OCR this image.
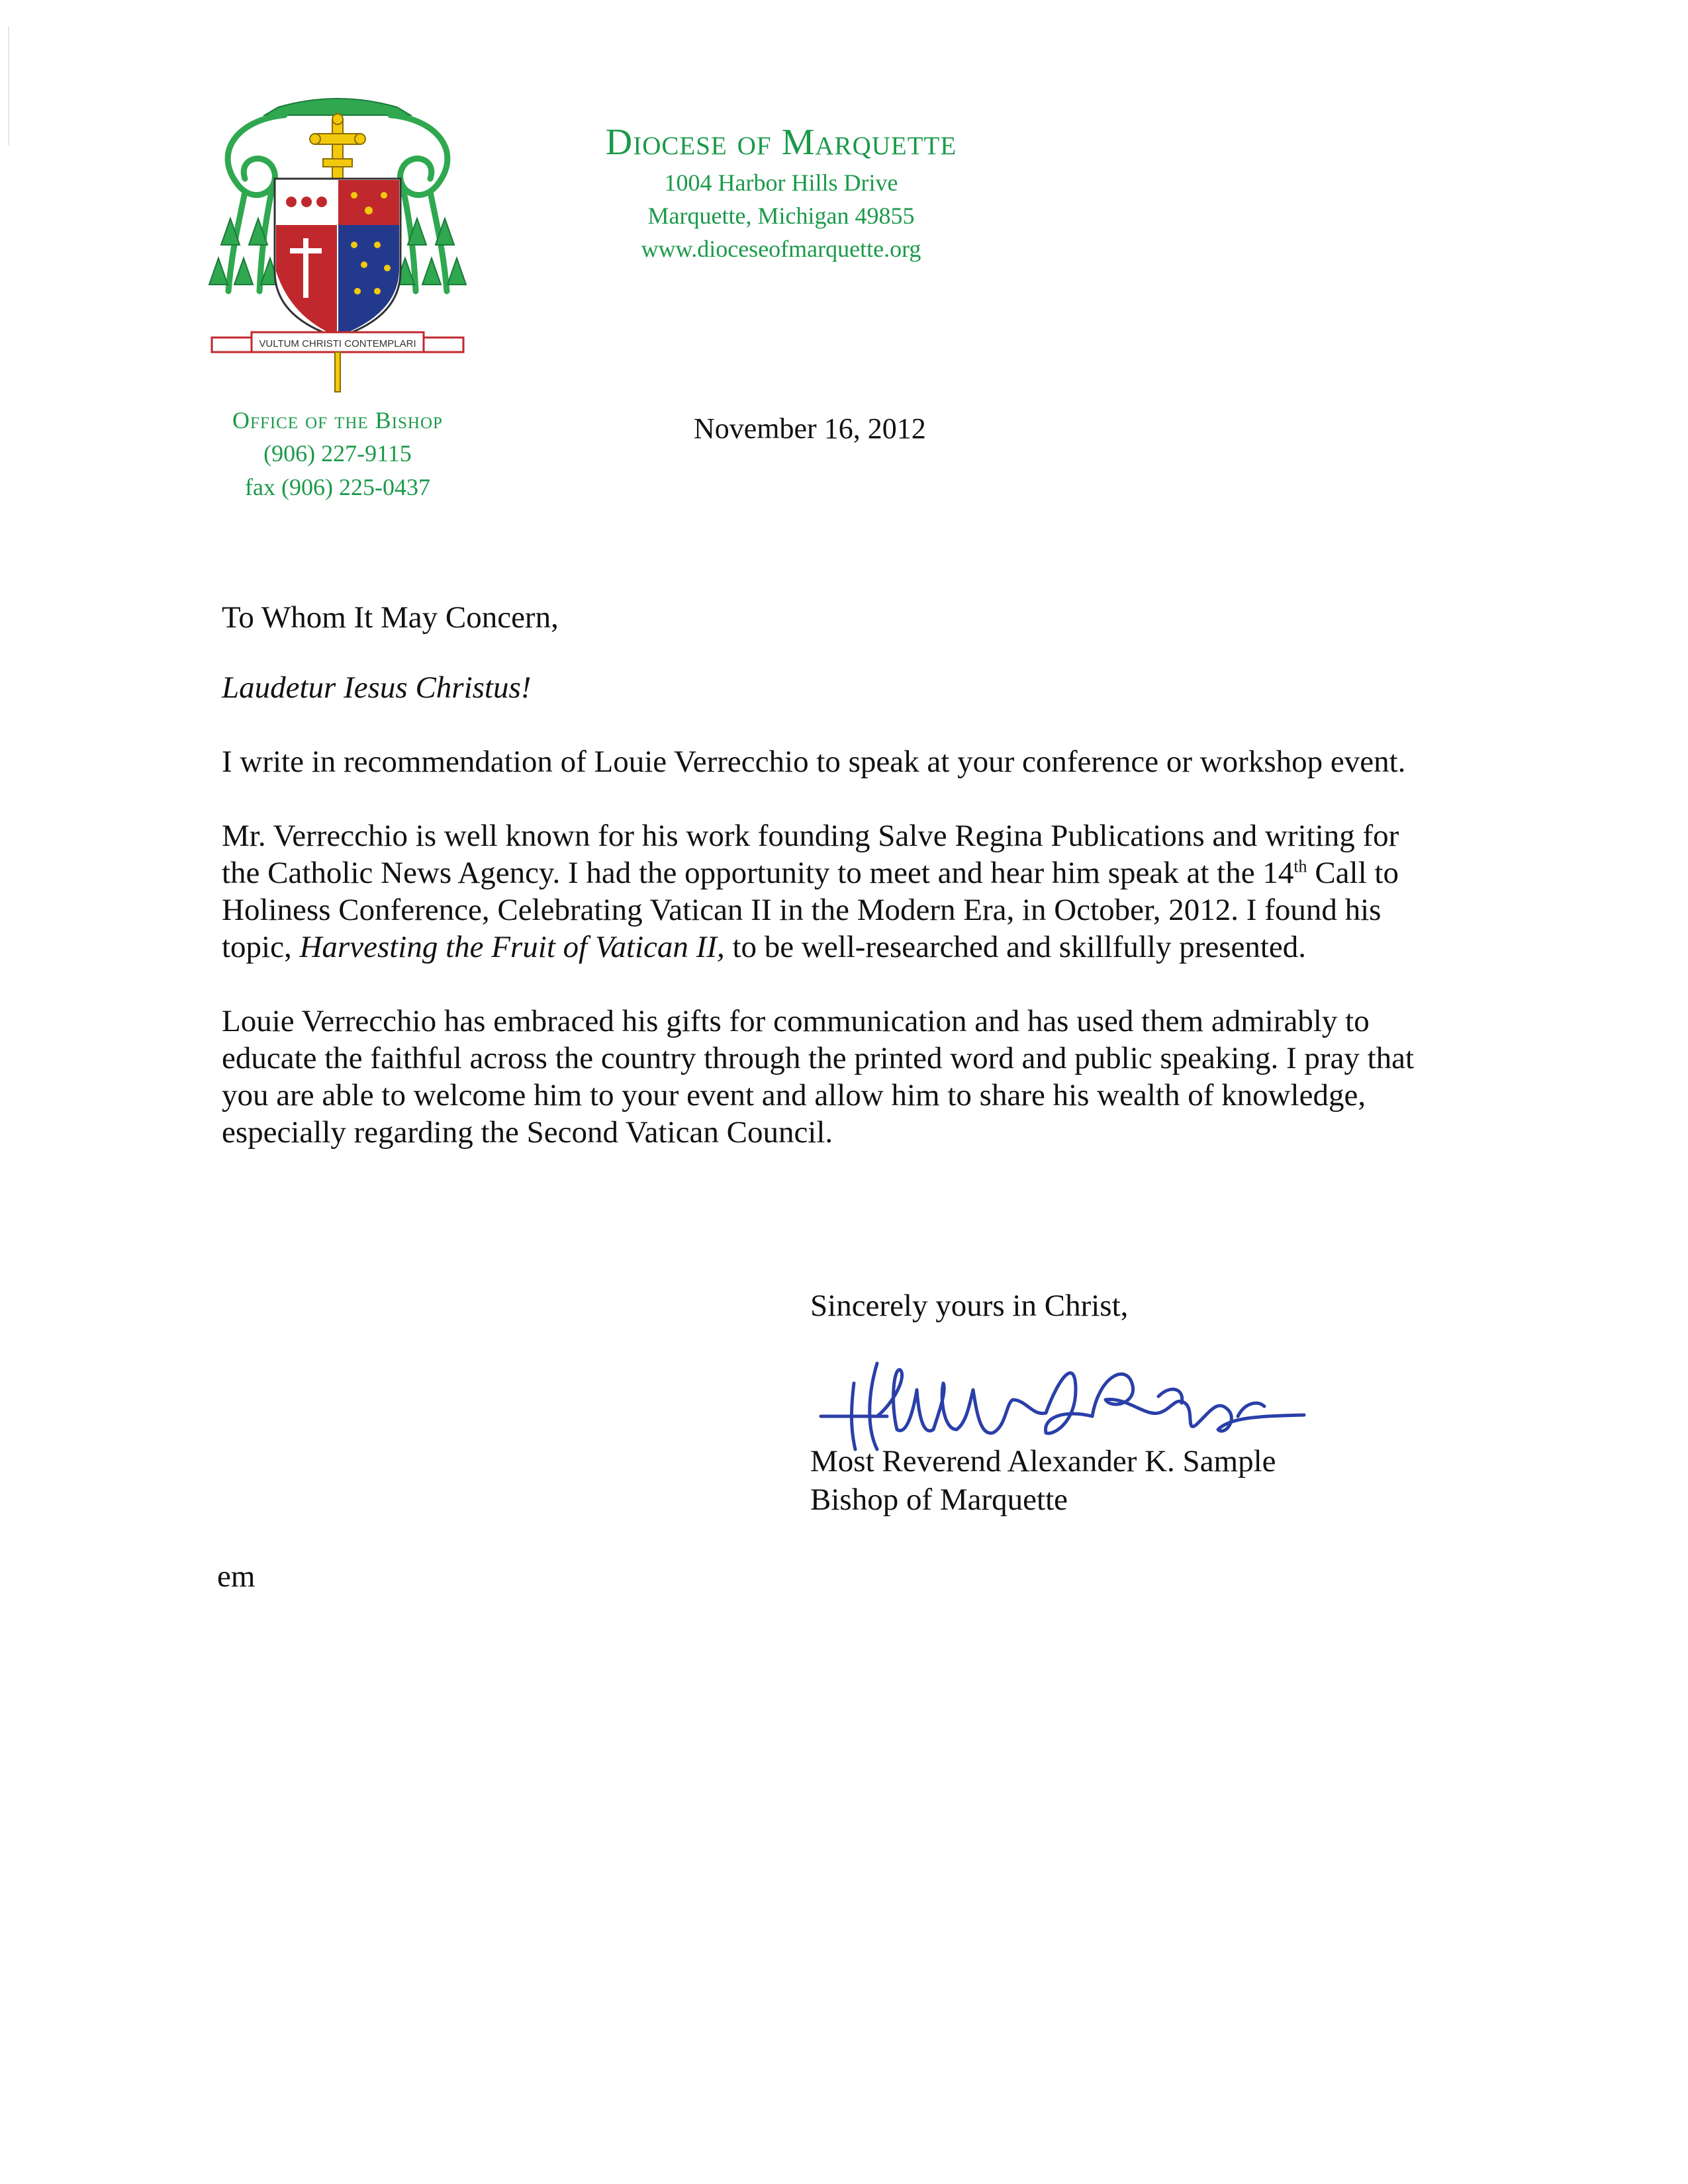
VULTUM CHRISTI CONTEMPLARI
Diocese of Marquette
1004 Harbor Hills Drive
Marquette, Michigan 49855
www.dioceseofmarquette.org
Office of the Bishop
(906) 227-9115
fax (906) 225-0437
November 16, 2012

To Whom It May Concern,

Laudetur Iesus Christus!

I write in recommendation of Louie Verrecchio to speak at your conference or workshop event.

Mr. Verrecchio is well known for his work founding Salve Regina Publications and writing for the Catholic News Agency. I had the opportunity to meet and hear him speak at the 14th Call to Holiness Conference, Celebrating Vatican II in the Modern Era, in October, 2012. I found his topic, Harvesting the Fruit of Vatican II, to be well-researched and skillfully presented.

Louie Verrecchio has embraced his gifts for communication and has used them admirably to educate the faithful across the country through the printed word and public speaking. I pray that you are able to welcome him to your event and allow him to share his wealth of knowledge, especially regarding the Second Vatican Council.

Sincerely yours in Christ,
Most Reverend Alexander K. Sample
Bishop of Marquette
em
